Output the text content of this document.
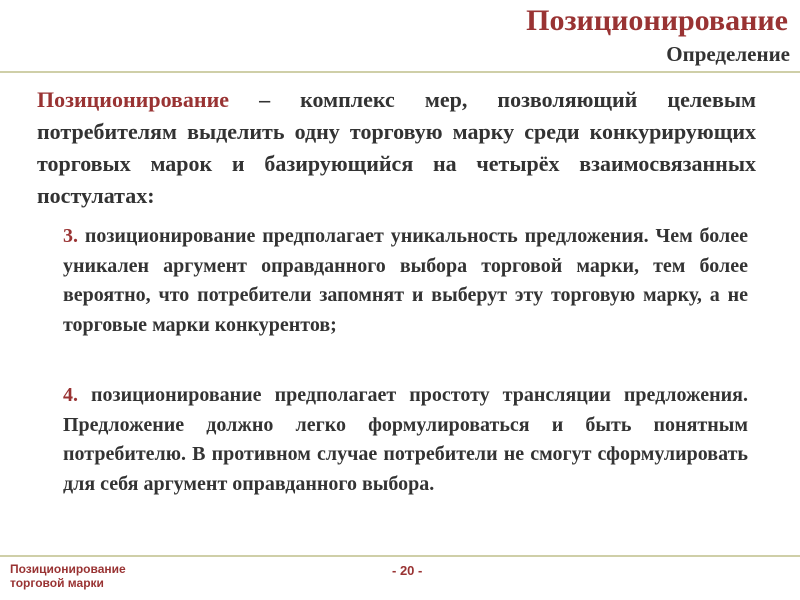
Позиционирование
Определение

Позиционирование – комплекс мер, позволяющий целевым потребителям выделить одну торговую марку среди конкурирующих торговых марок и базирующийся на четырёх взаимосвязанных постулатах:

3. позиционирование предполагает уникальность предложения. Чем более уникален аргумент оправданного выбора торговой марки, тем более вероятно, что потребители запомнят и выберут эту торговую марку, а не торговые марки конкурентов;

4. позиционирование предполагает простоту трансляции предложения. Предложение должно легко формулироваться и быть понятным потребителю. В противном случае потребители не смогут сформулировать для себя аргумент оправданного выбора.

Позиционирование
торговой марки
- 20 -
